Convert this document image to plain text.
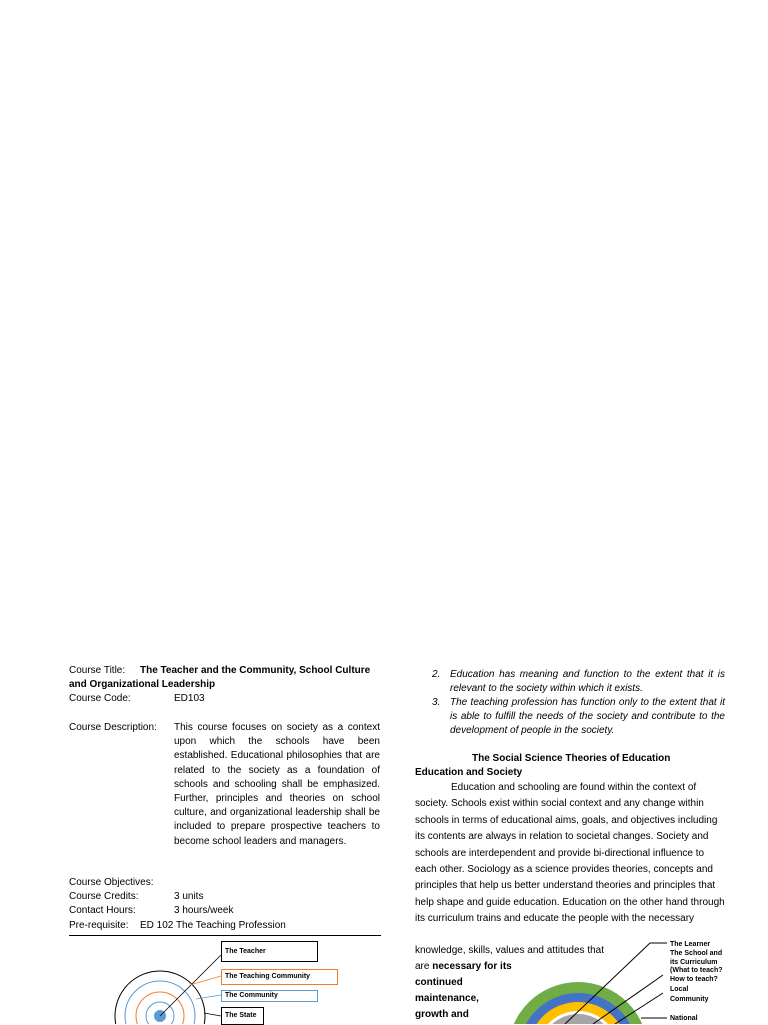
Course Title: The Teacher and the Community, School Culture
and Organizational Leadership
Course Code:	ED103
Course Description: This course focuses on society as a context upon which the schools have been established. Educational philosophies that are related to the society as a foundation of schools and schooling shall be emphasized. Further, principles and theories on school culture, and organizational leadership shall be included to prepare prospective teachers to become school leaders and managers.
Course Objectives:
Course Credits:	3 units
Contact Hours:	3 hours/week
Pre-requisite: ED 102 The Teaching Profession
The Teacher
The Teaching Community
The Community
The State
2. Education has meaning and function to the extent that it is relevant to the society within which it exists.
3. The teaching profession has function only to the extent that it is able to fulfill the needs of the society and contribute to the development of people in the society.
The Social Science Theories of Education
Education and Society
Education and schooling are found within the context of society. Schools exist within social context and any change within schools in terms of educational aims, goals, and objectives including its contents are always in relation to societal changes. Society and schools are interdependent and provide bi-directional influence to each other. Sociology as a science provides theories, concepts and principles that help us better understand theories and principles that help shape and guide education. Education on the other hand through its curriculum trains and educate the people with the necessary
knowledge, skills, values and attitudes that
are necessary for its
continued
maintenance,
growth and
The Learner
The School and its Curriculum (What to teach? How to teach?
Local Community
National
